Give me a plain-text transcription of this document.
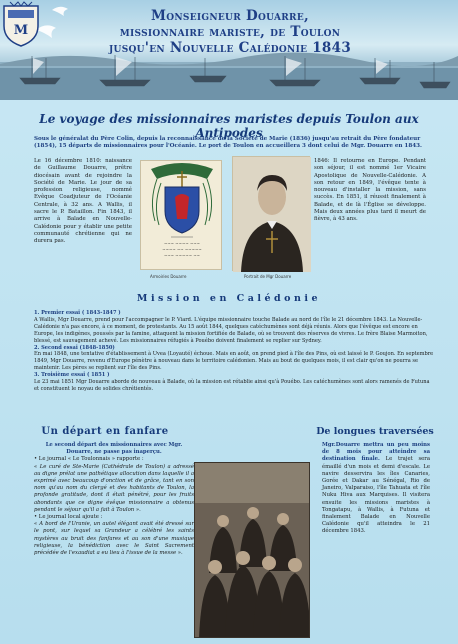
Monseigneur Douarre,
missionnaire mariste, de Toulon
jusqu'en Nouvelle Calédonie 1843
M
Le voyage des missionnaires maristes depuis Toulon aux Antipodes
Sous le généralat du Père Colin, depuis la reconnaissance de la Société de Marie (1836) jusqu'au retrait du Père fondateur (1854), 15 départs de missionnaires pour l'Océanie. Le port de Toulon en accueillera 3 dont celui de Mgr. Douarre en 1843.
Le 16 décembre 1810: naissance de Guillaume Douarre, prêtre diocésain avant de rejoindre la Société de Marie. Le jour de sa profession religieuse, nommé Evêque Coadjuteur de l'Océanie Centrale, à 32 ans. A Wallis, il sacre le P. Bataillon. Fin 1843, il arrive à Balade en Nouvelle-Calédonie pour y établir une petite communauté chrétienne qui ne durera pas.	~~~ ~~~~ ~~~
~~~~ ~~ ~~~~~
~~~ ~~~~~ ~~
Armoiries Douarre	Portrait de Mgr Douarre
1846: Il retourne en Europe. Pendant son séjour, il est nommé 1er Vicaire Apostolique de Nouvelle-Calédonie. A son retour en 1849, l'évêque tente à nouveau d'installer la mission, sans succès. En 1851, il réussit finalement à Balade, et de là l'Église se développe. Mais deux années plus tard il meurt de fièvre, à 43 ans.
Mission en Calédonie
1. Premier essai ( 1843-1847 )
A Wallis, Mgr Douarre, prend pour l'accompagner le P. Viard. L'équipe missionnaire touche Balade au nord de l'île le 21 décembre 1843. La Nouvelle-Calédonie n'a pas encore, à ce moment, de protestants. Au 15 août 1844, quelques catéchumènes sont déjà réunis. Alors que l'évêque est encore en Europe, les indigènes, poussés par la famine, attaquent la mission fortifiée de Balade, où se trouvent des réserves de vivres. Le frère Blaise Marmoiton, blessé, est sauvagement achevé. Les missionnaires réfugiés à Pouébo doivent finalement se replier sur Sydney.
2. Second essai (1848-1850)
En mai 1848, une tentative d'établissement à Uvea (Loyauté) échoue. Mais en août, on prend pied à l'île des Pins, où est laissé le P. Goujon. En septembre 1849, Mgr Douarre, revenu d'Europe pénètre à nouveau dans le territoire calédonien. Mais au bout de quelques mois, il est clair qu'on ne pourra se maintenir. Les pères se replient sur l'île des Pins.
3. Troisième essai ( 1851 )
Le 23 mai 1851 Mgr Douarre aborde de nouveau à Balade, où la mission est rétablie ainsi qu'à Pouébo. Les catéchumènes sont alors ramenés de Futuna et constituent le noyau de solides chrétientés.
Un départ en fanfare	De longues traversées
Le second départ des missionnaires avec Mgr. Douarre, ne passe pas inaperçu.
• Le journal « Le Toulonnais » rapporte :
« Le curé de Ste-Marie (Cathédrale de Toulon) a adressé au digne prélat une pathétique allocution dans laquelle il a exprimé avec beaucoup d'onction et de grâce, tant en son nom qu'au nom du clergé et des habitants de Toulon, la profonde gratitude, dont il était pénétré, pour les fruits abondants que ce digne évêque missionnaire a obtenus pendant le séjour qu'il a fait à Toulon ».
• Le journal local ajoute :
« A bord de l'Uranie, un autel élégant avait été dressé sur le pont, sur lequel sa Grandeur a célébré les saints mystères au bruit des fanfares et au son d'une musique religieuse, la bénédiction avec le Saint Sacrement précédée de l'exaudiat a eu lieu à l'issue de la messe ».
Mgr.Douarre mettra un peu moins de 8 mois pour atteindre sa destination finale. Le trajet sera émaillé d'un mois et demi d'escale. Le navire desservira les îles Canaries, Gorée et Dakar au Sénégal, Rio de Janeiro, Valparaiso, l'île Tahuata et l'île Nuku Hiva aux Marquises. Il visitera ensuite les missions maristes à Tongatapu, à Wallis, à Futuna et finalement Balade en Nouvelle Calédonie qu'il atteindra le 21 décembre 1843.
